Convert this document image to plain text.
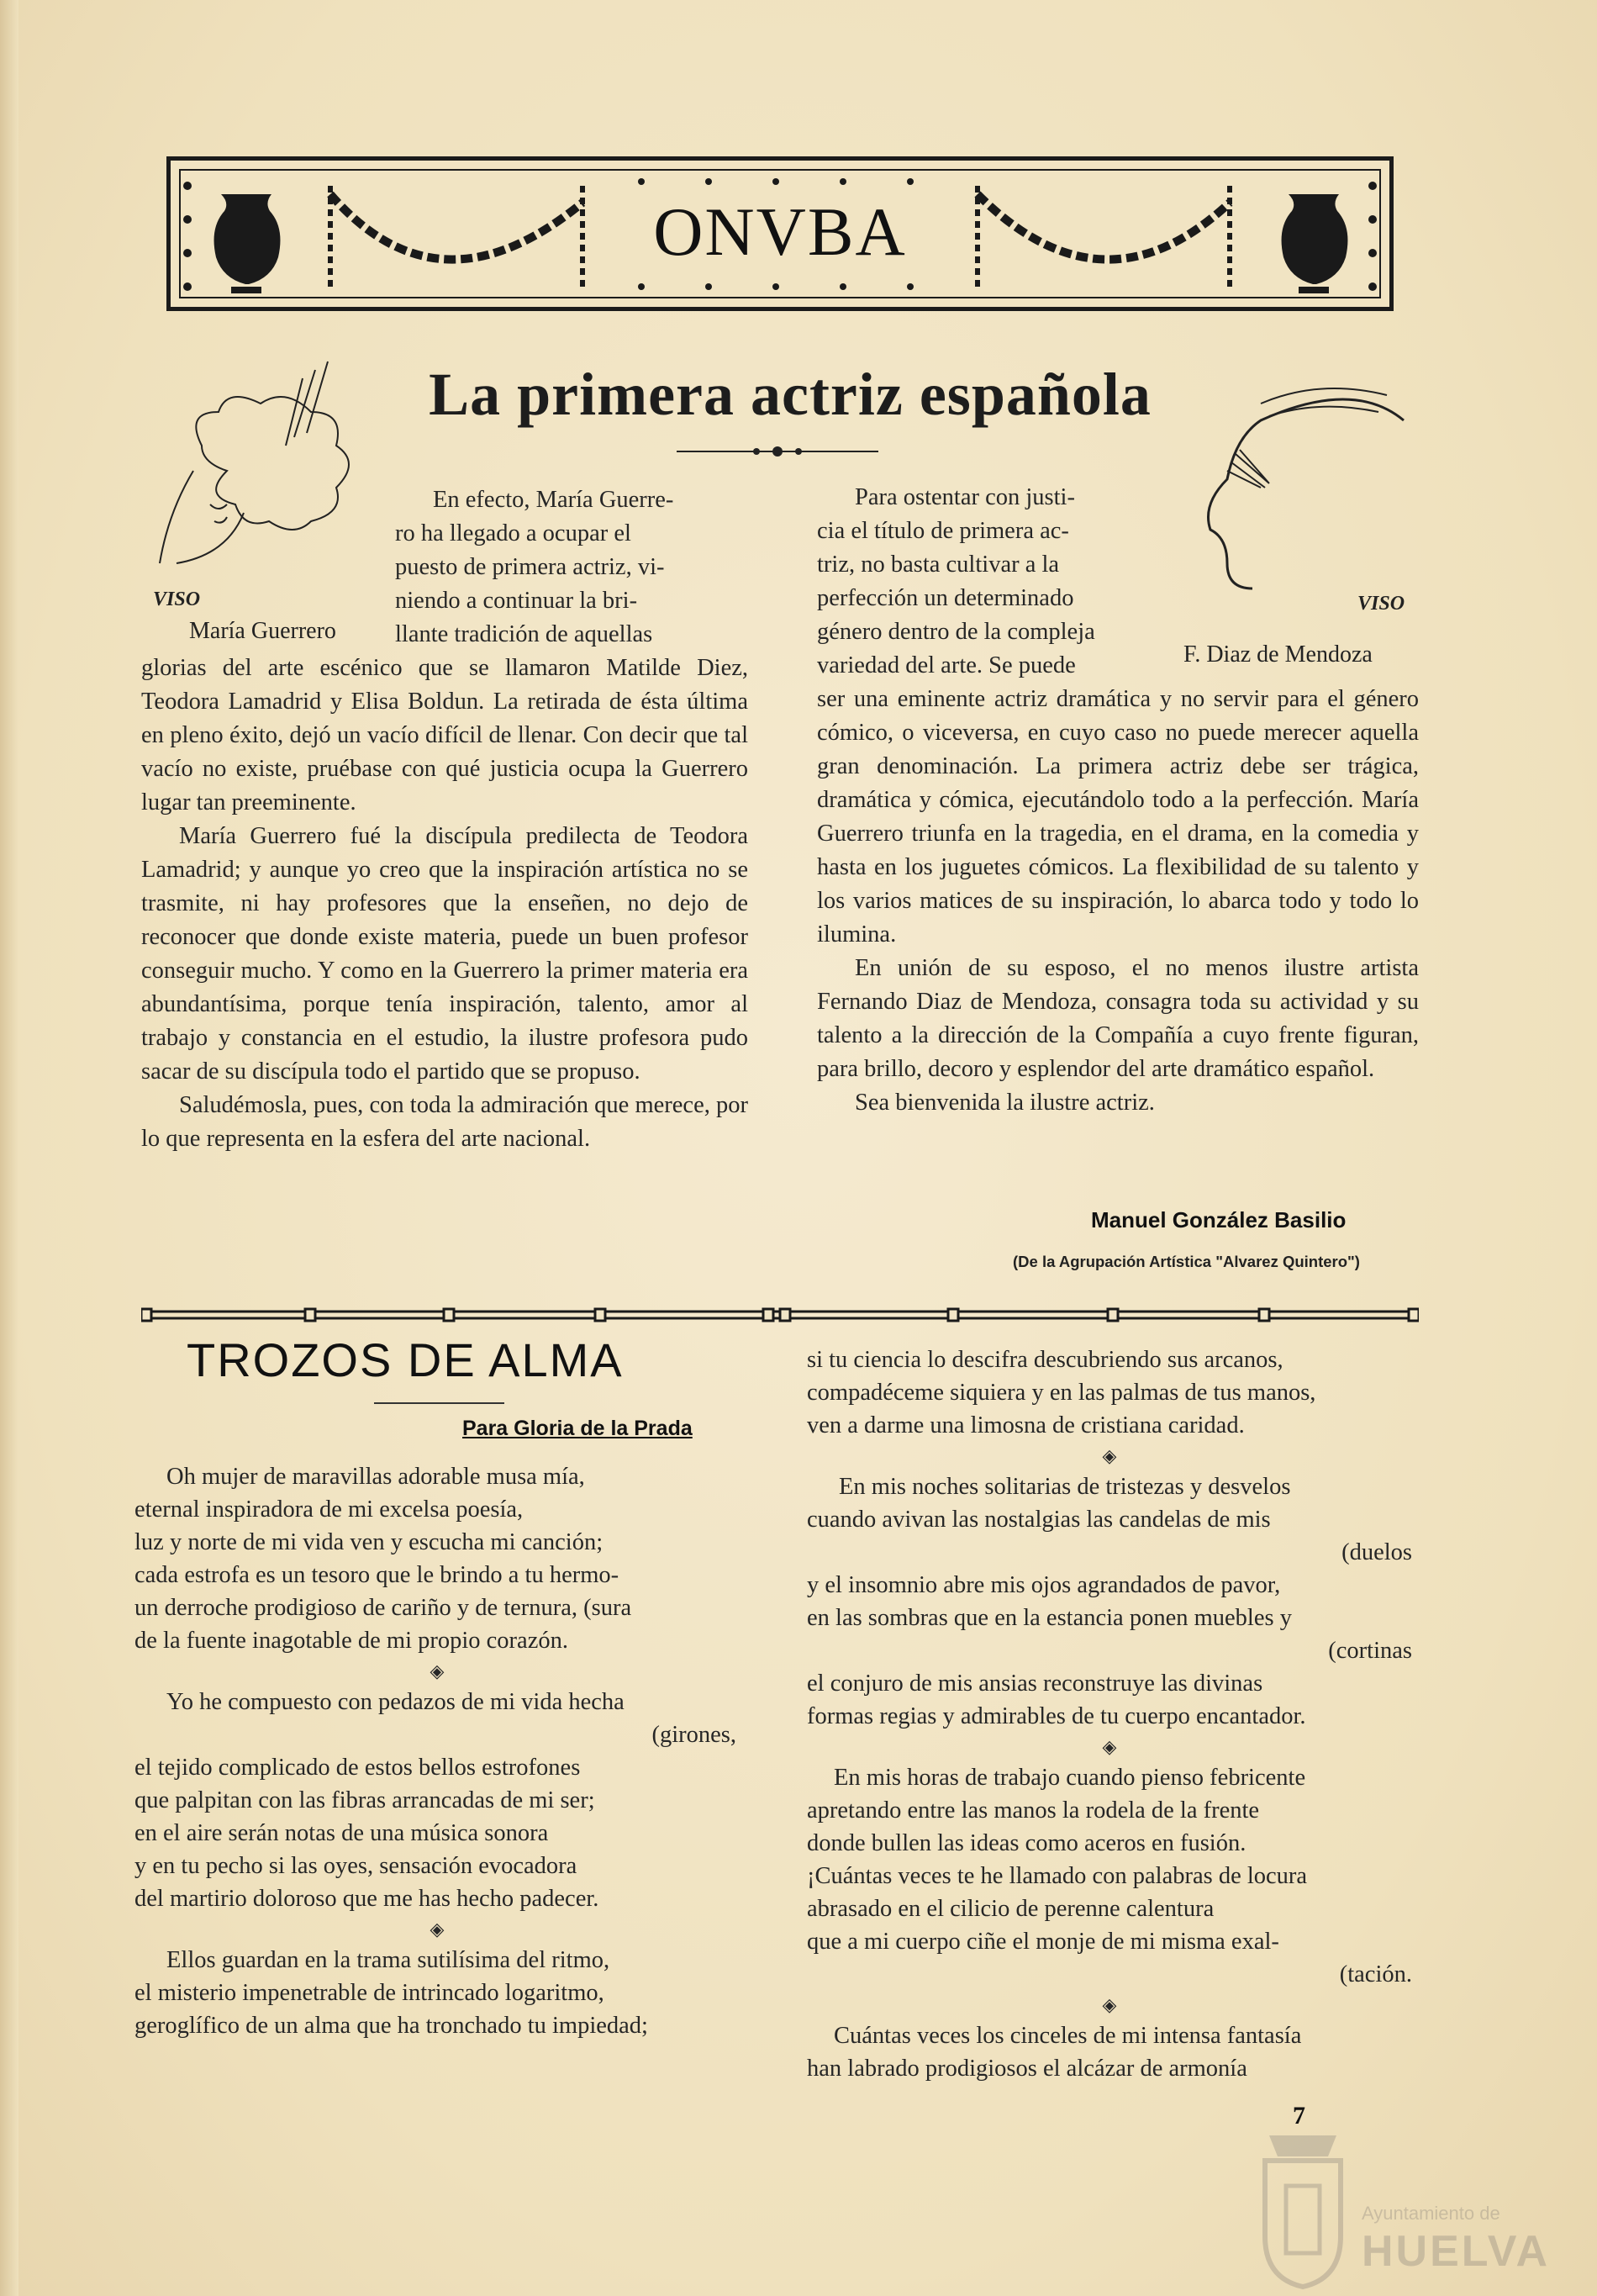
ONVBA
La primera actriz española
VISO
María Guerrero
VISO
F. Diaz de Mendoza

En efecto, María Guerre-

ro ha llegado a ocupar el

puesto de primera actriz, vi-

niendo a continuar la bri-

llante tradición de aquellas

glorias del arte escénico que se llamaron Matilde Diez, Teodora Lamadrid y Elisa Boldun. La retirada de ésta última en pleno éxito, dejó un vacío difícil de llenar. Con decir que tal vacío no existe, pruébase con qué justicia ocupa la Guerrero lugar tan preeminente.

María Guerrero fué la discípula predilecta de Teodora Lamadrid; y aunque yo creo que la inspiración artística no se trasmite, ni hay profesores que la enseñen, no dejo de reconocer que donde existe materia, puede un buen profesor conseguir mucho. Y como en la Guerrero la primer materia era abundantísima, porque tenía inspiración, talento, amor al trabajo y constancia en el estudio, la ilustre profesora pudo sacar de su discípula todo el partido que se propuso.

Saludémosla, pues, con toda la admiración que merece, por lo que representa en la esfera del arte nacional.

Para ostentar con justi-

cia el título de primera ac-

triz, no basta cultivar a la

perfección un determinado

género dentro de la compleja

variedad del arte. Se puede

ser una eminente actriz dramática y no servir para el género cómico, o viceversa, en cuyo caso no puede merecer aquella gran denominación. La primera actriz debe ser trágica, dramática y cómica, ejecutándolo todo a la perfección. María Guerrero triunfa en la tragedia, en el drama, en la comedia y hasta en los juguetes cómicos. La flexibilidad de su talento y los varios matices de su inspiración, lo abarca todo y todo lo ilumina.

En unión de su esposo, el no menos ilustre artista Fernando Diaz de Mendoza, consagra toda su actividad y su talento a la dirección de la Compañía a cuyo frente figuran, para brillo, decoro y esplendor del arte dramático español.

Sea bienvenida la ilustre actriz.

Manuel González Basilio
(De la Agrupación Artística "Alvarez Quintero")
TROZOS DE ALMA
Para Gloria de la Prada
Oh mujer de maravillas adorable musa mía,
eternal inspiradora de mi excelsa poesía,
luz y norte de mi vida ven y escucha mi canción;
cada estrofa es un tesoro que le brindo a tu hermo-
un derroche prodigioso de cariño y de ternura, (sura
de la fuente inagotable de mi propio corazón.
◈
Yo he compuesto con pedazos de mi vida hecha
(girones,
el tejido complicado de estos bellos estrofones
que palpitan con las fibras arrancadas de mi ser;
en el aire serán notas de una música sonora
y en tu pecho si las oyes, sensación evocadora
del martirio doloroso que me has hecho padecer.
◈
Ellos guardan en la trama sutilísima del ritmo,
el misterio impenetrable de intrincado logaritmo,
geroglífico de un alma que ha tronchado tu impiedad;
si tu ciencia lo descifra descubriendo sus arcanos,
compadéceme siquiera y en las palmas de tus manos,
ven a darme una limosna de cristiana caridad.
◈
En mis noches solitarias de tristezas y desvelos
cuando avivan las nostalgias las candelas de mis
(duelos
y el insomnio abre mis ojos agrandados de pavor,
en las sombras que en la estancia ponen muebles y
(cortinas
el conjuro de mis ansias reconstruye las divinas
formas regias y admirables de tu cuerpo encantador.
◈
En mis horas de trabajo cuando pienso febricente
apretando entre las manos la rodela de la frente
donde bullen las ideas como aceros en fusión.
¡Cuántas veces te he llamado con palabras de locura
abrasado en el cilicio de perenne calentura
que a mi cuerpo ciñe el monje de mi misma exal-
(tación.
◈
Cuántas veces los cinceles de mi intensa fantasía
han labrado prodigiosos el alcázar de armonía
7
Ayuntamiento de
HUELVA
